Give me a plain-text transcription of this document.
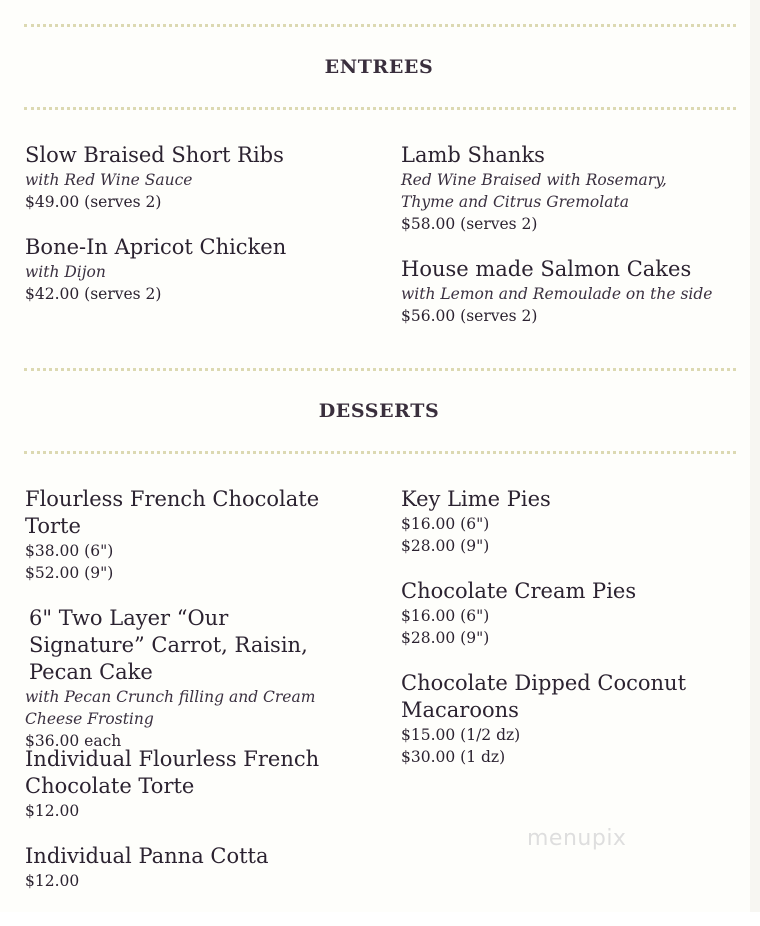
ENTREES
Slow Braised Short Ribs
with Red Wine Sauce
$49.00 (serves 2)
Bone-In Apricot Chicken
with Dijon
$42.00 (serves 2)
Lamb Shanks
Red Wine Braised with Rosemary, Thyme and Citrus Gremolata
$58.00 (serves 2)
House made Salmon Cakes
with Lemon and Remoulade on the side
$56.00 (serves 2)
DESSERTS
Flourless French Chocolate Torte
$38.00 (6")
$52.00 (9")
6" Two Layer “Our Signature” Carrot, Raisin, Pecan Cake
with Pecan Crunch filling and Cream Cheese Frosting
$36.00 each
Individual Flourless French Chocolate Torte
$12.00
Individual Panna Cotta
$12.00
Key Lime Pies
$16.00 (6")
$28.00 (9")
Chocolate Cream Pies
$16.00 (6")
$28.00 (9")
Chocolate Dipped Coconut Macaroons
$15.00 (1/2 dz)
$30.00 (1 dz)
menupix
